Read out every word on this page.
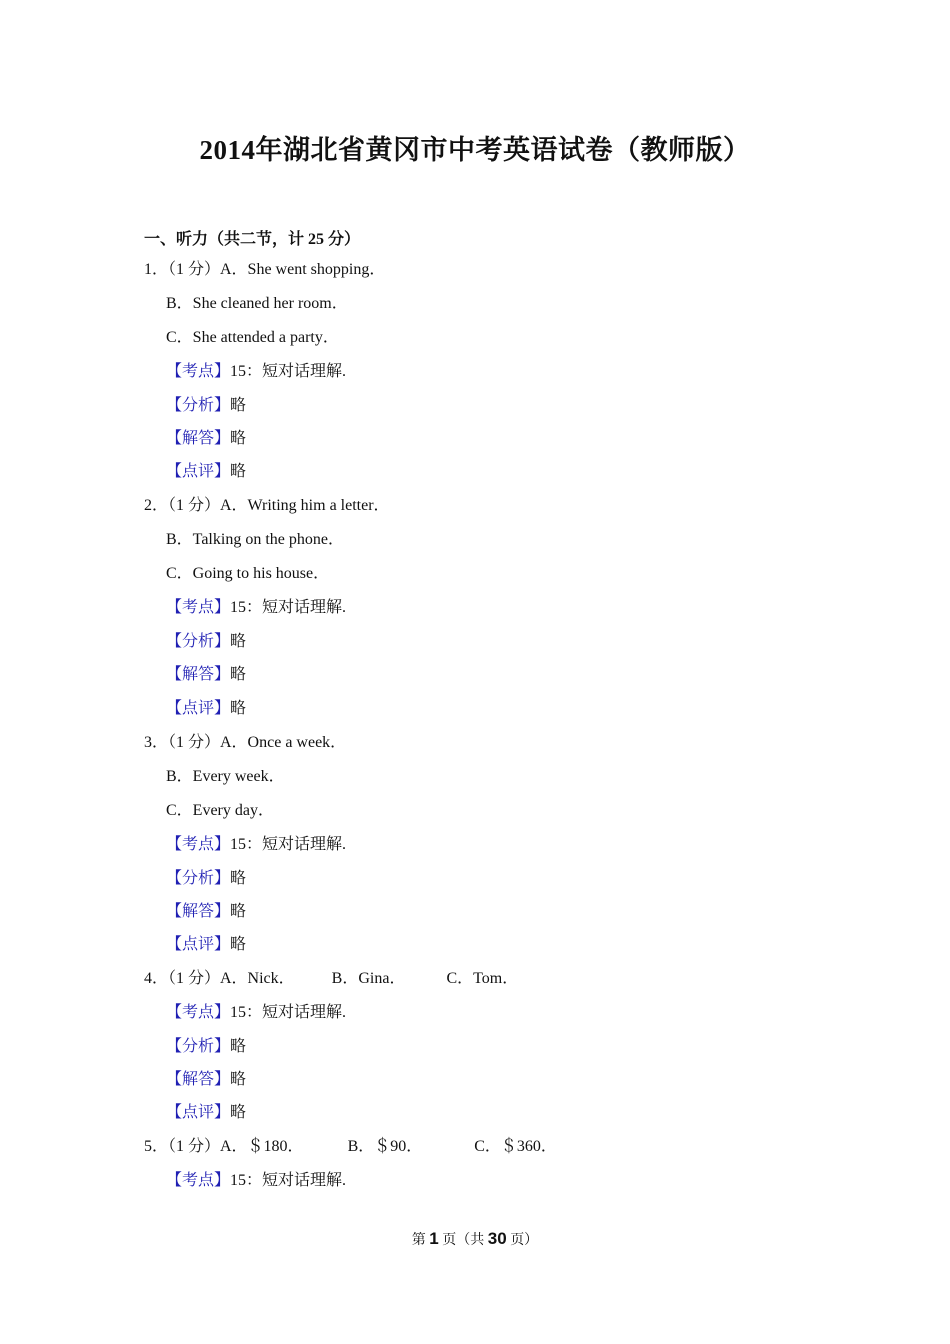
2014年湖北省黄冈市中考英语试卷（教师版）
一、听力（共二节，计 25 分）
1．（1 分）A．She went shopping．
B．She cleaned her room．
C．She attended a party．
【考点】15：短对话理解.
【分析】略
【解答】略
【点评】略
2．（1 分）A．Writing him a letter．
B．Talking on the phone．
C．Going to his house．
【考点】15：短对话理解.
【分析】略
【解答】略
【点评】略
3．（1 分）A．Once a week．
B．Every week．
C．Every day．
【考点】15：短对话理解.
【分析】略
【解答】略
【点评】略
4．（1 分）A．Nick． B．Gina．	C．Tom．
【考点】15：短对话理解.
【分析】略
【解答】略
【点评】略
5．（1 分）A．＄180．	B．＄90．	C．＄360．
【考点】15：短对话理解.
第 1 页（共 30 页）
